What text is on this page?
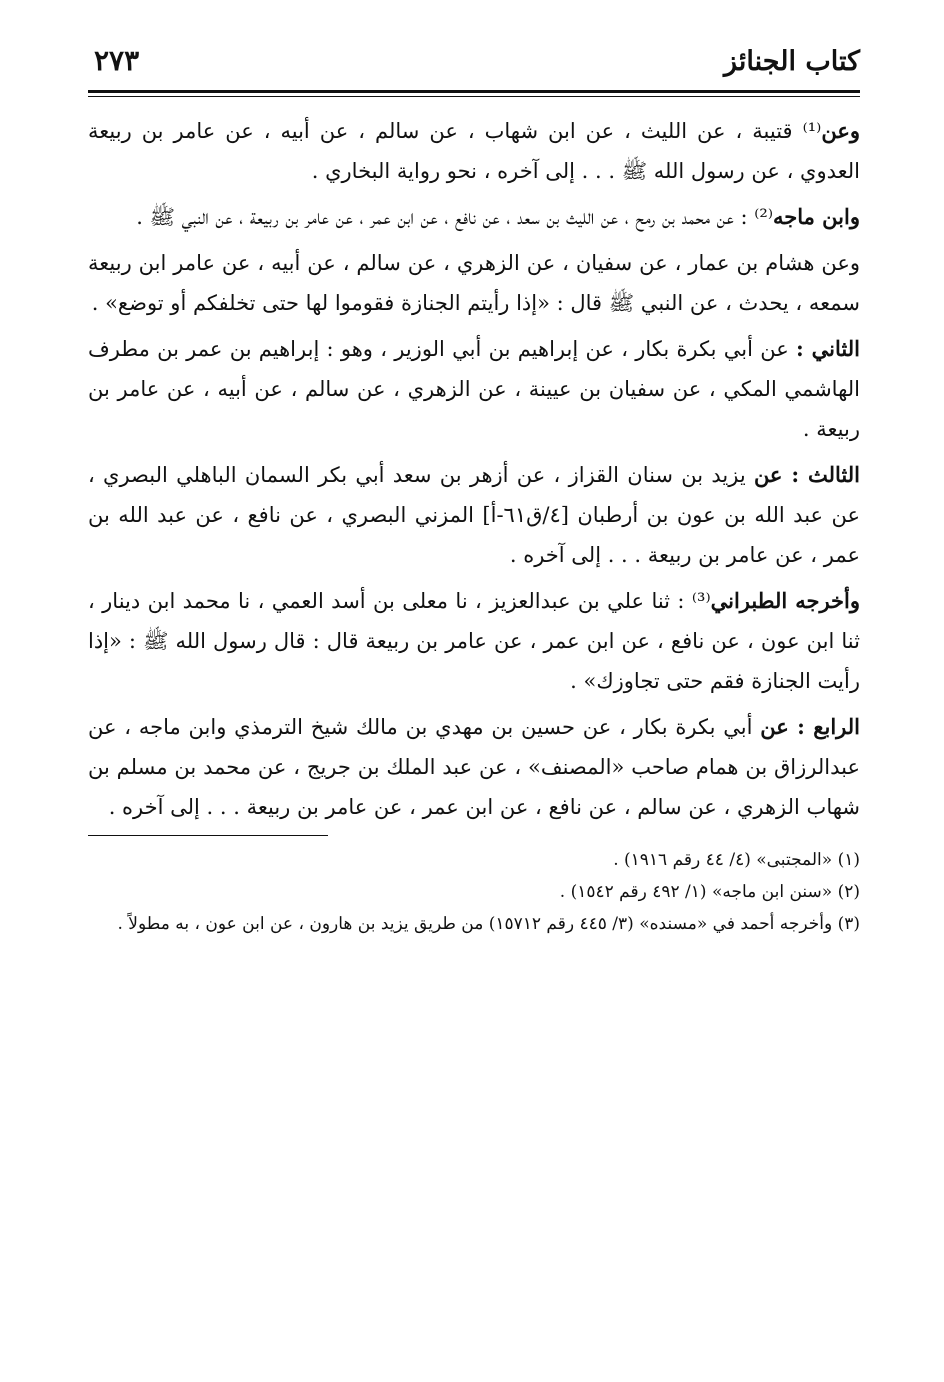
كتاب الجنائز
٢٧٣

وعن⁽¹⁾ قتيبة ، عن الليث ، عن ابن شهاب ، عن سالم ، عن أبيه ، عن عامر بن ربيعة العدوي ، عن رسول الله ﷺ . . . إلى آخره ، نحو رواية البخاري .

وابن ماجه⁽²⁾ : عن محمد بن رمح ، عن الليث بن سعد ، عن نافع ، عن ابن عمر ، عن عامر بن ربيعة ، عن النبي ﷺ .

وعن هشام بن عمار ، عن سفيان ، عن الزهري ، عن سالم ، عن أبيه ، عن عامر ابن ربيعة سمعه ، يحدث ، عن النبي ﷺ قال : «إذا رأيتم الجنازة فقوموا لها حتى تخلفكم أو توضع» .

الثاني : عن أبي بكرة بكار ، عن إبراهيم بن أبي الوزير ، وهو : إبراهيم بن عمر بن مطرف الهاشمي المكي ، عن سفيان بن عيينة ، عن الزهري ، عن سالم ، عن أبيه ، عن عامر بن ربيعة .

الثالث : عن يزيد بن سنان القزاز ، عن أزهر بن سعد أبي بكر السمان الباهلي البصري ، عن عبد الله بن عون بن أرطبان [٤/ق٦١-أ] المزني البصري ، عن نافع ، عن عبد الله بن عمر ، عن عامر بن ربيعة . . . إلى آخره .

وأخرجه الطبراني⁽³⁾ : ثنا علي بن عبدالعزيز ، نا معلى بن أسد العمي ، نا محمد ابن دينار ، ثنا ابن عون ، عن نافع ، عن ابن عمر ، عن عامر بن ربيعة قال : قال رسول الله ﷺ : «إذا رأيت الجنازة فقم حتى تجاوزك» .

الرابع : عن أبي بكرة بكار ، عن حسين بن مهدي بن مالك شيخ الترمذي وابن ماجه ، عن عبدالرزاق بن همام صاحب «المصنف» ، عن عبد الملك بن جريج ، عن محمد بن مسلم بن شهاب الزهري ، عن سالم ، عن نافع ، عن ابن عمر ، عن عامر بن ربيعة . . . إلى آخره .

(١) «المجتبى» (٤/ ٤٤ رقم ١٩١٦) .

(٢) «سنن ابن ماجه» (١/ ٤٩٢ رقم ١٥٤٢) .

(٣) وأخرجه أحمد في «مسنده» (٣/ ٤٤٥ رقم ١٥٧١٢) من طريق يزيد بن هارون ، عن ابن عون ، به مطولاً .
